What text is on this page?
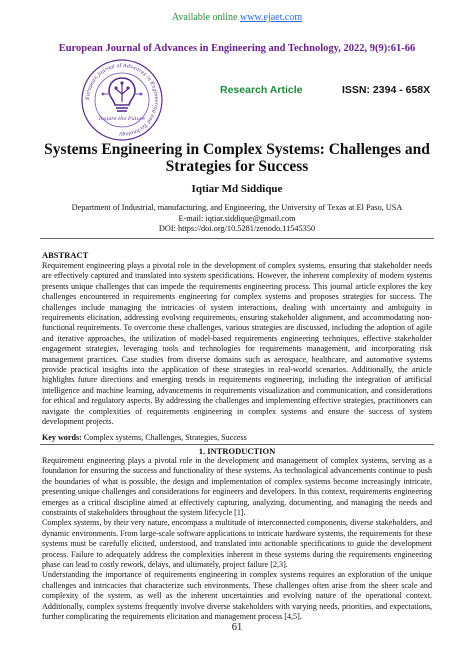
Available online www.ejaet.com
European Journal of Advances in Engineering and Technology, 2022, 9(9):61-66
European Journal of Advances in Engineering and Technology
Inspire the Future
Research Article	ISSN: 2394 - 658X
Systems Engineering in Complex Systems: Challenges and Strategies for Success
Iqtiar Md Siddique
Department of Industrial, manufacturing, and Engineering, the University of Texas at El Paso, USA
E-mail: iqtiar.siddique@gmail.com
DOI: https://doi.org/10.5281/zenodo.11545350
ABSTRACT
Requirement engineering plays a pivotal role in the development of complex systems, ensuring that stakeholder needs are effectively captured and translated into system specifications. However, the inherent complexity of modern systems presents unique challenges that can impede the requirements engineering process. This journal article explores the key challenges encountered in requirements engineering for complex systems and proposes strategies for success. The challenges include managing the intricacies of system interactions, dealing with uncertainty and ambiguity in requirements elicitation, addressing evolving requirements, ensuring stakeholder alignment, and accommodating non-functional requirements. To overcome these challenges, various strategies are discussed, including the adoption of agile and iterative approaches, the utilization of model-based requirements engineering techniques, effective stakeholder engagement strategies, leveraging tools and technologies for requirements management, and incorporating risk management practices. Case studies from diverse domains such as aerospace, healthcare, and automotive systems provide practical insights into the application of these strategies in real-world scenarios. Additionally, the article highlights future directions and emerging trends in requirements engineering, including the integration of artificial intelligence and machine learning, advancements in requirements visualization and communication, and considerations for ethical and regulatory aspects. By addressing the challenges and implementing effective strategies, practitioners can navigate the complexities of requirements engineering in complex systems and ensure the success of system development projects.
Key words: Complex systems, Challenges, Strategies, Success
1. INTRODUCTION
Requirement engineering plays a pivotal role in the development and management of complex systems, serving as a foundation for ensuring the success and functionality of these systems. As technological advancements continue to push the boundaries of what is possible, the design and implementation of complex systems become increasingly intricate, presenting unique challenges and considerations for engineers and developers. In this context, requirements engineering emerges as a critical discipline aimed at effectively capturing, analyzing, documenting, and managing the needs and constraints of stakeholders throughout the system lifecycle [1].
Complex systems, by their very nature, encompass a multitude of interconnected components, diverse stakeholders, and dynamic environments. From large-scale software applications to intricate hardware systems, the requirements for these systems must be carefully elicited, understood, and translated into actionable specifications to guide the development process. Failure to adequately address the complexities inherent in these systems during the requirements engineering phase can lead to costly rework, delays, and ultimately, project failure [2,3].
Understanding the importance of requirements engineering in complex systems requires an exploration of the unique challenges and intricacies that characterize such environments. These challenges often arise from the sheer scale and complexity of the system, as well as the inherent uncertainties and evolving nature of the operational context. Additionally, complex systems frequently involve diverse stakeholders with varying needs, priorities, and expectations, further complicating the requirements elicitation and management process [4,5].
61
